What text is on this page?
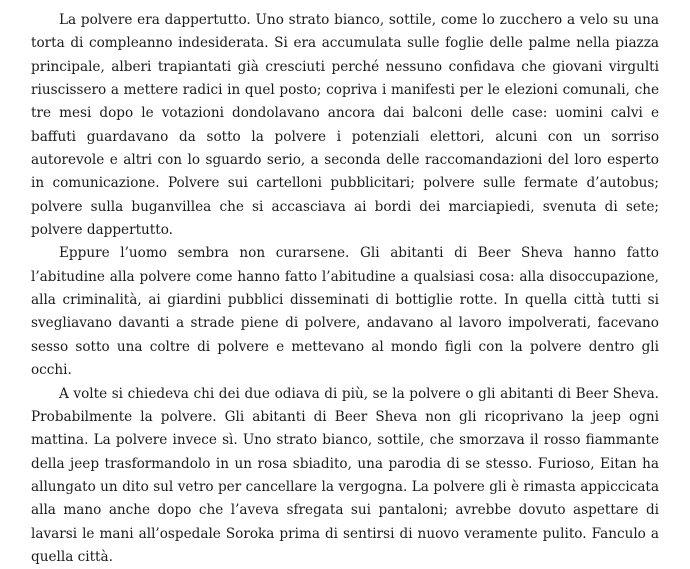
La polvere era dappertutto. Uno strato bianco, sottile, come lo zucchero a velo su una torta di compleanno indesiderata. Si era accumulata sulle foglie delle palme nella piazza principale, alberi trapiantati già cresciuti perché nessuno confidava che giovani virgulti riuscissero a mettere radici in quel posto; copriva i manifesti per le elezioni comunali, che tre mesi dopo le votazioni dondolavano ancora dai balconi delle case: uomini calvi e baffuti guardavano da sotto la polvere i potenziali elettori, alcuni con un sorriso autorevole e altri con lo sguardo serio, a seconda delle raccomandazioni del loro esperto in comunicazione. Polvere sui cartelloni pubblicitari; polvere sulle fermate d’autobus; polvere sulla buganvillea che si accasciava ai bordi dei marciapiedi, svenuta di sete; polvere dappertutto.

Eppure l’uomo sembra non curarsene. Gli abitanti di Beer Sheva hanno fatto l’abitudine alla polvere come hanno fatto l’abitudine a qualsiasi cosa: alla disoccupazione, alla criminalità, ai giardini pubblici disseminati di bottiglie rotte. In quella città tutti si svegliavano davanti a strade piene di polvere, andavano al lavoro impolverati, facevano sesso sotto una coltre di polvere e mettevano al mondo figli con la polvere dentro gli occhi.

A volte si chiedeva chi dei due odiava di più, se la polvere o gli abitanti di Beer Sheva. Probabilmente la polvere. Gli abitanti di Beer Sheva non gli ricoprivano la jeep ogni mattina. La polvere invece sì. Uno strato bianco, sottile, che smorzava il rosso fiammante della jeep trasformandolo in un rosa sbiadito, una parodia di se stesso. Furioso, Eitan ha allungato un dito sul vetro per cancellare la vergogna. La polvere gli è rimasta appiccicata alla mano anche dopo che l’aveva sfregata sui pantaloni; avrebbe dovuto aspettare di lavarsi le mani all’ospedale Soroka prima di sentirsi di nuovo veramente pulito. Fanculo a quella città.
